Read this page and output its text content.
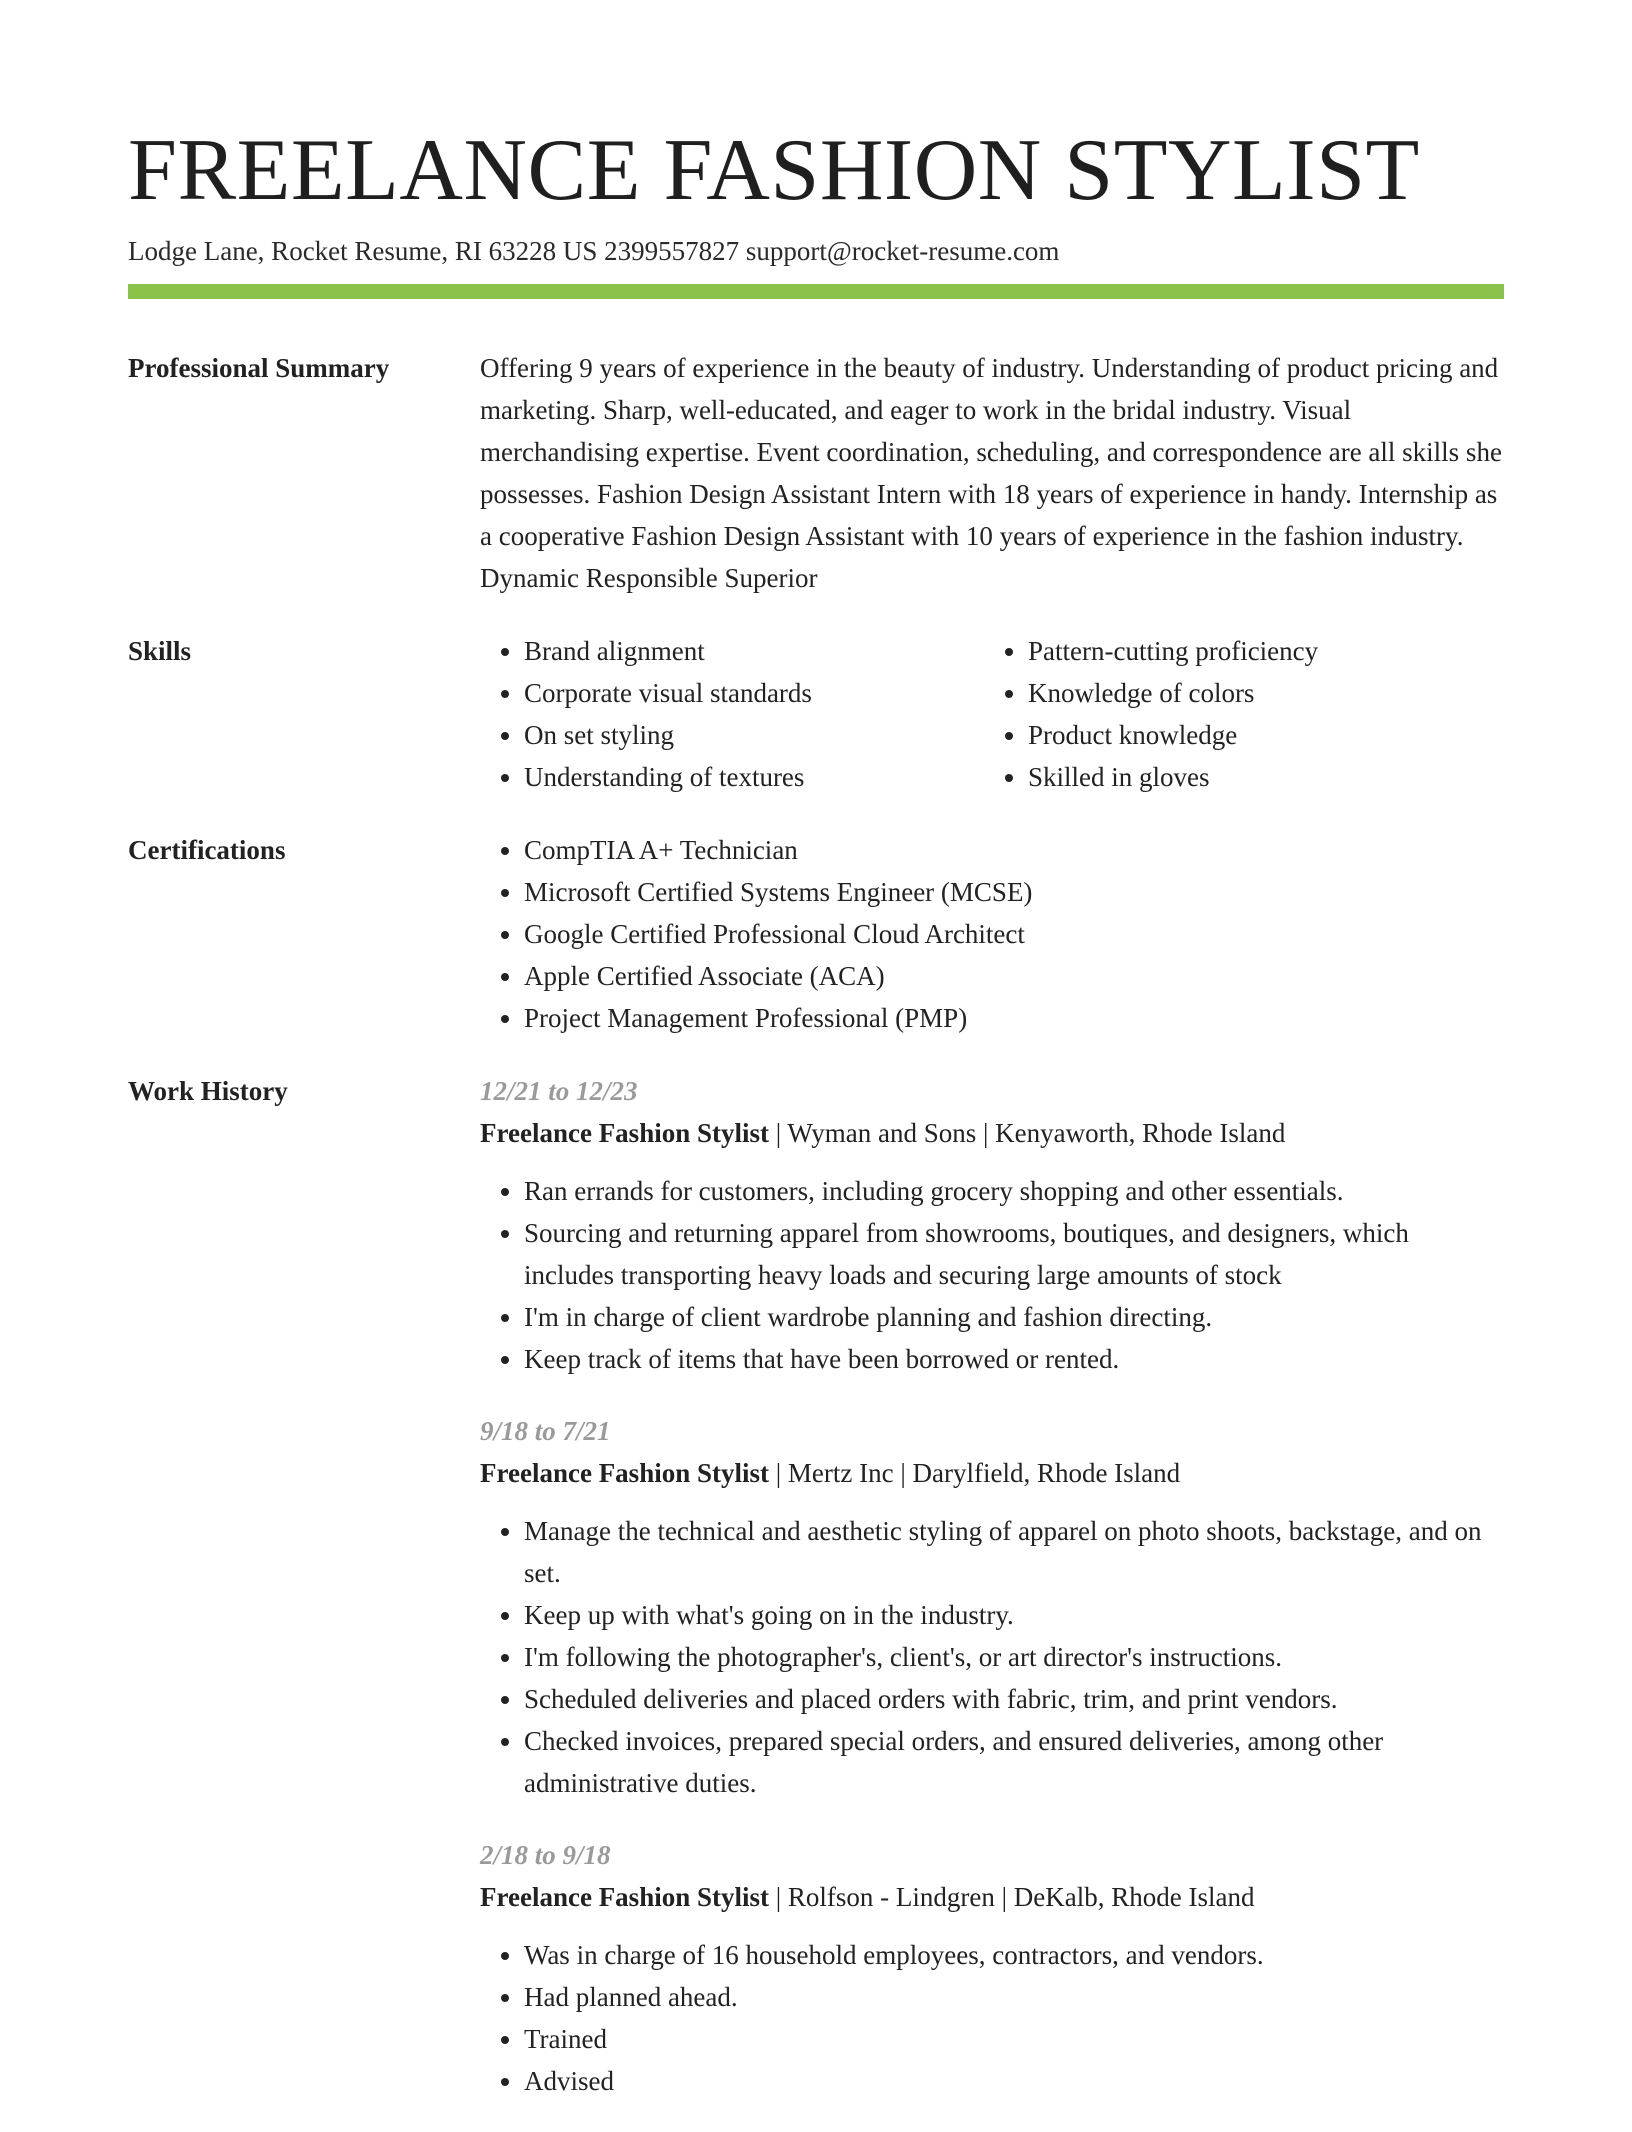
FREELANCE FASHION STYLIST
Lodge Lane, Rocket Resume, RI 63228 US 2399557827 support@rocket-resume.com
Professional Summary	Offering 9 years of experience in the beauty of industry. Understanding of product pricing and marketing. Sharp, well-educated, and eager to work in the bridal industry. Visual merchandising expertise. Event coordination, scheduling, and correspondence are all skills she possesses. Fashion Design Assistant Intern with 18 years of experience in handy. Internship as a cooperative Fashion Design Assistant with 10 years of experience in the fashion industry. Dynamic Responsible Superior

Skills	• Brand alignment
• Corporate visual standards
• On set styling
• Understanding of textures
• Pattern-cutting proficiency
• Knowledge of colors
• Product knowledge
• Skilled in gloves
Certifications	• CompTIA A+ Technician
• Microsoft Certified Systems Engineer (MCSE)
• Google Certified Professional Cloud Architect
• Apple Certified Associate (ACA)
• Project Management Professional (PMP)
Work History	12/21 to 12/23
Freelance Fashion Stylist | Wyman and Sons | Kenyaworth, Rhode Island
• Ran errands for customers, including grocery shopping and other essentials.
• Sourcing and returning apparel from showrooms, boutiques, and designers, which includes transporting heavy loads and securing large amounts of stock
• I'm in charge of client wardrobe planning and fashion directing.
• Keep track of items that have been borrowed or rented.
9/18 to 7/21
Freelance Fashion Stylist | Mertz Inc | Darylfield, Rhode Island
• Manage the technical and aesthetic styling of apparel on photo shoots, backstage, and on set.
• Keep up with what's going on in the industry.
• I'm following the photographer's, client's, or art director's instructions.
• Scheduled deliveries and placed orders with fabric, trim, and print vendors.
• Checked invoices, prepared special orders, and ensured deliveries, among other administrative duties.
2/18 to 9/18
Freelance Fashion Stylist | Rolfson - Lindgren | DeKalb, Rhode Island
• Was in charge of 16 household employees, contractors, and vendors.
• Had planned ahead.
• Trained
• Advised
